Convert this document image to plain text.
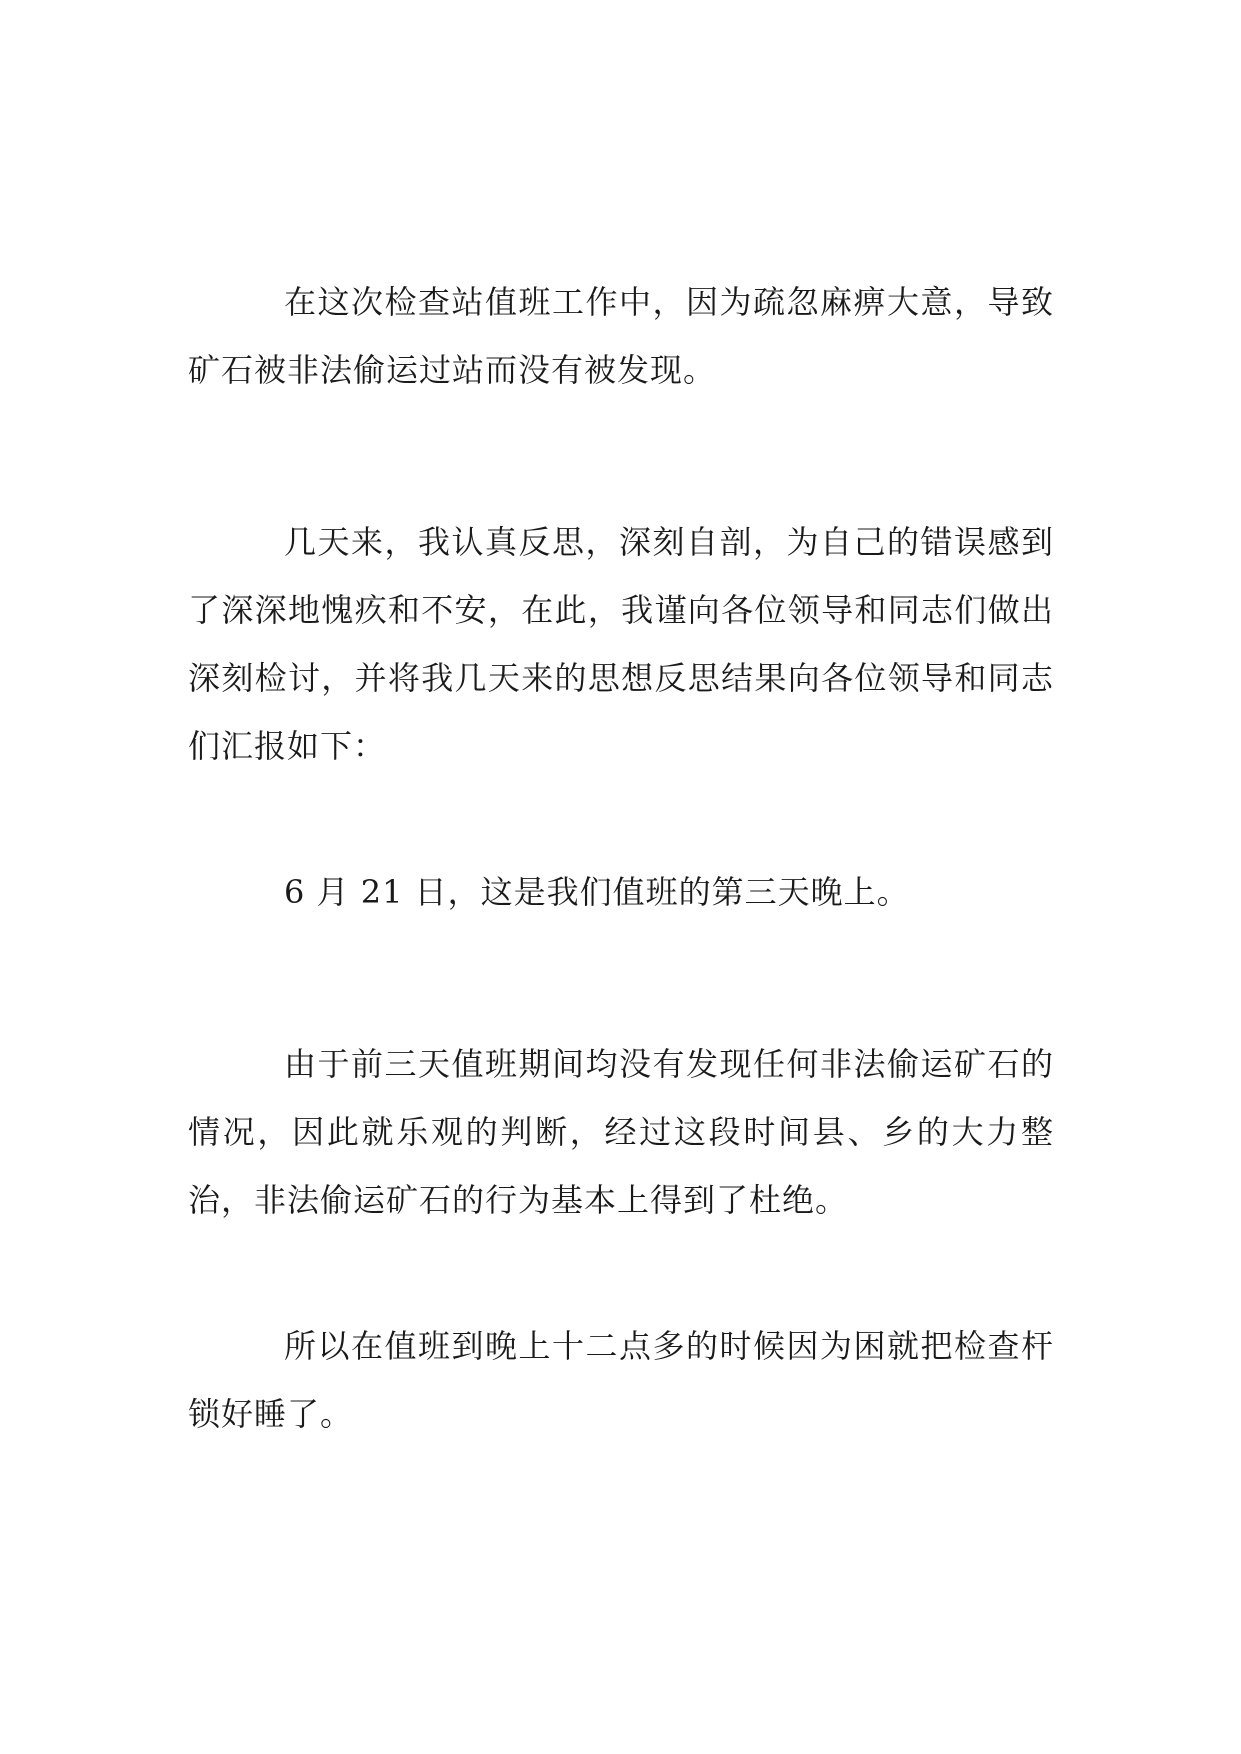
在这次检查站值班工作中，因为疏忽麻痹大意，导致矿石被非法偷运过站而没有被发现。

几天来，我认真反思，深刻自剖，为自己的错误感到了深深地愧疚和不安，在此，我谨向各位领导和同志们做出深刻检讨，并将我几天来的思想反思结果向各位领导和同志们汇报如下：

6 月 21 日，这是我们值班的第三天晚上。

由于前三天值班期间均没有发现任何非法偷运矿石的情况，因此就乐观的判断，经过这段时间县、乡的大力整治，非法偷运矿石的行为基本上得到了杜绝。

所以在值班到晚上十二点多的时候因为困就把检查杆锁好睡了。
